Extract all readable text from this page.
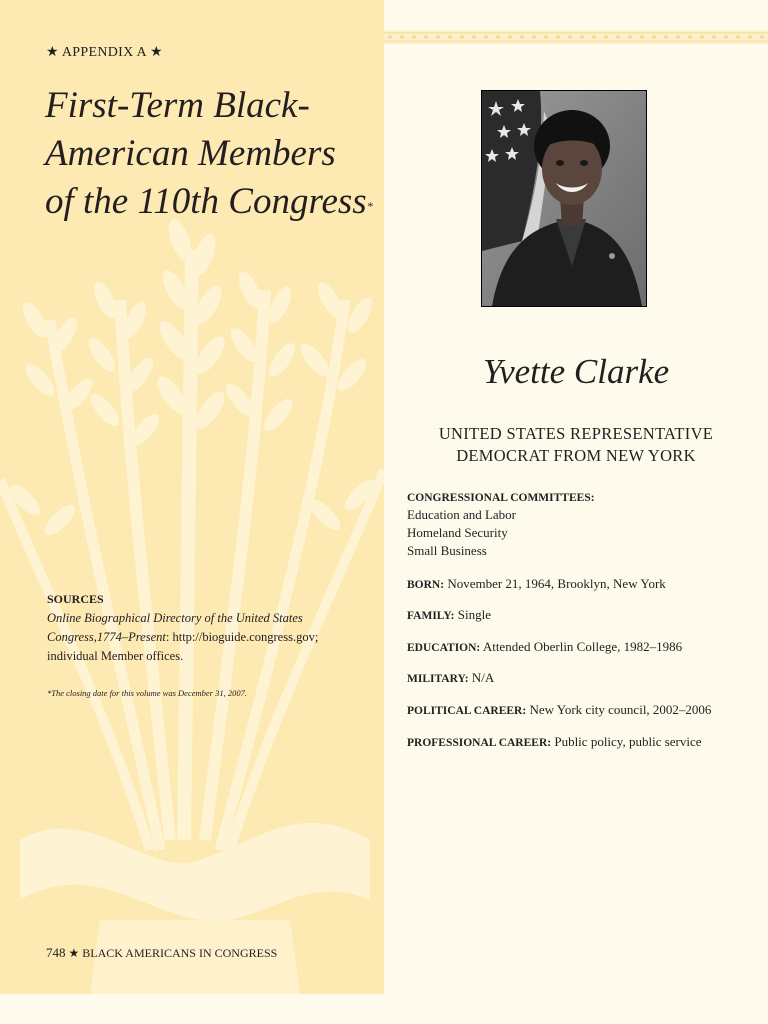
★ APPENDIX A ★
First-Term Black-
American Members
of the 110th Congress*
SOURCES
Online Biographical Directory of the United States Congress,1774–Present: http://bioguide.congress.gov; individual Member offices.
*The closing date for this volume was December 31, 2007.
748 ★ BLACK AMERICANS IN CONGRESS
Yvette Clarke
UNITED STATES REPRESENTATIVE
DEMOCRAT FROM NEW YORK
CONGRESSIONAL COMMITTEES:
Education and Labor
Homeland Security
Small Business
BORN: November 21, 1964, Brooklyn, New York
FAMILY: Single
EDUCATION: Attended Oberlin College, 1982–1986
MILITARY: N/A
POLITICAL CAREER: New York city council, 2002–2006
PROFESSIONAL CAREER: Public policy, public service
